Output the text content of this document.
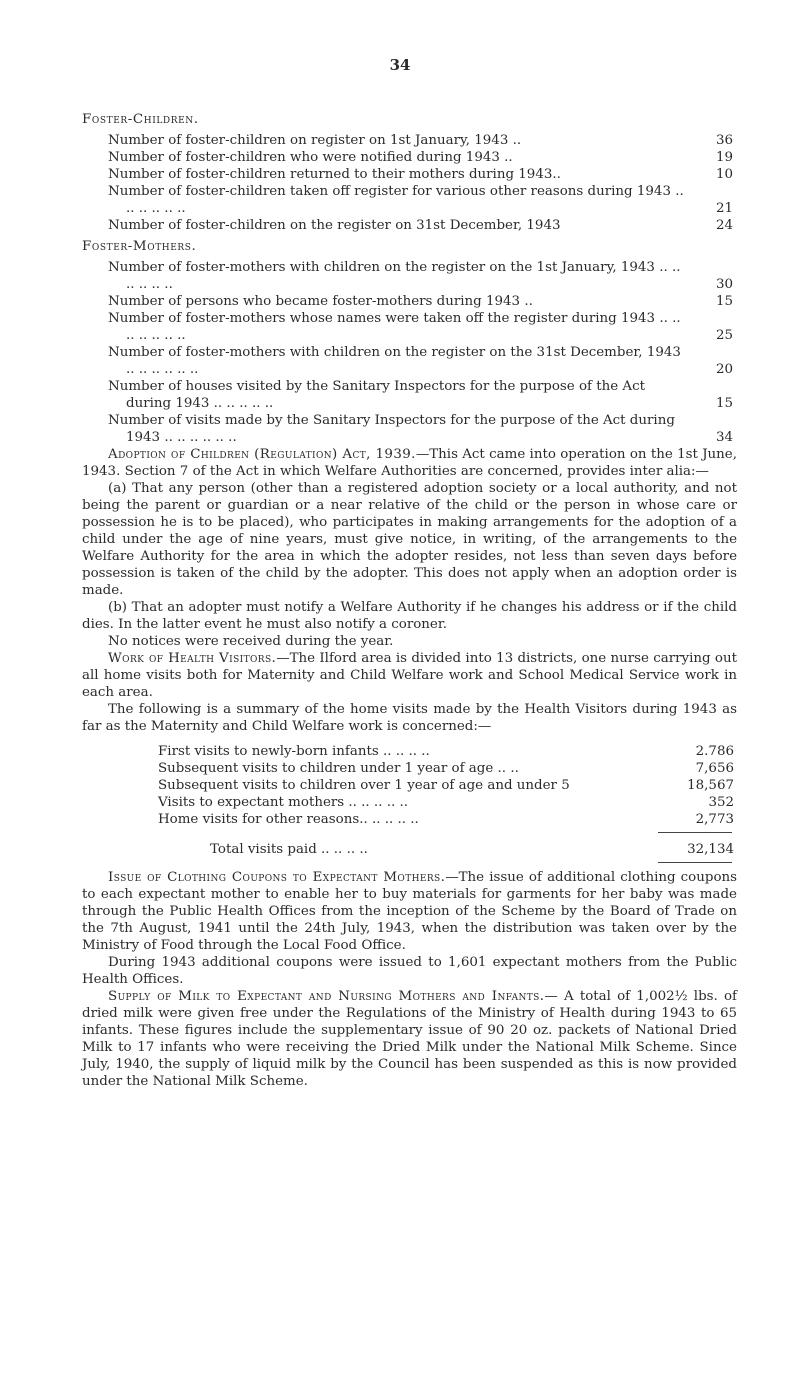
34
Foster-Children.
Number of foster-children on register on 1st January, 1943 ..	36
Number of foster-children who were notified during 1943 ..	19
Number of foster-children returned to their mothers during 1943..	10
Number of foster-children taken off register for various other reasons during 1943 .. .. .. .. .. ..	21
Number of foster-children on the register on 31st December, 1943	24
Foster-Mothers.
Number of foster-mothers with children on the register on the 1st January, 1943 .. .. .. .. .. ..	30
Number of persons who became foster-mothers during 1943 ..	15
Number of foster-mothers whose names were taken off the register during 1943 .. .. .. .. .. .. ..	25
Number of foster-mothers with children on the register on the 31st December, 1943 .. .. .. .. .. ..	20
Number of houses visited by the Sanitary Inspectors for the purpose of the Act during 1943 .. .. .. .. ..	15
Number of visits made by the Sanitary Inspectors for the purpose of the Act during 1943 .. .. .. .. .. ..	34

Adoption of Children (Regulation) Act, 1939.—This Act came into operation on the 1st June, 1943. Section 7 of the Act in which Welfare Authorities are concerned, provides inter alia:—

(a) That any person (other than a registered adoption society or a local authority, and not being the parent or guardian or a near relative of the child or the person in whose care or possession he is to be placed), who participates in making arrangements for the adoption of a child under the age of nine years, must give notice, in writing, of the arrangements to the Welfare Authority for the area in which the adopter resides, not less than seven days before possession is taken of the child by the adopter. This does not apply when an adoption order is made.

(b) That an adopter must notify a Welfare Authority if he changes his address or if the child dies. In the latter event he must also notify a coroner.

No notices were received during the year.

Work of Health Visitors.—The Ilford area is divided into 13 districts, one nurse carrying out all home visits both for Maternity and Child Welfare work and School Medical Service work in each area.

The following is a summary of the home visits made by the Health Visitors during 1943 as far as the Maternity and Child Welfare work is concerned:—

First visits to newly-born infants .. .. .. ..	2.786
Subsequent visits to children under 1 year of age .. ..	7,656
Subsequent visits to children over 1 year of age and under 5	18,567
Visits to expectant mothers .. .. .. .. ..	352
Home visits for other reasons.. .. .. .. ..	2,773
Total visits paid .. .. .. ..	32,134

Issue of Clothing Coupons to Expectant Mothers.—The issue of additional clothing coupons to each expectant mother to enable her to buy materials for garments for her baby was made through the Public Health Offices from the inception of the Scheme by the Board of Trade on the 7th August, 1941 until the 24th July, 1943, when the distribution was taken over by the Ministry of Food through the Local Food Office.

During 1943 additional coupons were issued to 1,601 expectant mothers from the Public Health Offices.

Supply of Milk to Expectant and Nursing Mothers and Infants.— A total of 1,002½ lbs. of dried milk were given free under the Regulations of the Ministry of Health during 1943 to 65 infants. These figures include the supplementary issue of 90 20 oz. packets of National Dried Milk to 17 infants who were receiving the Dried Milk under the National Milk Scheme. Since July, 1940, the supply of liquid milk by the Council has been suspended as this is now provided under the National Milk Scheme.
